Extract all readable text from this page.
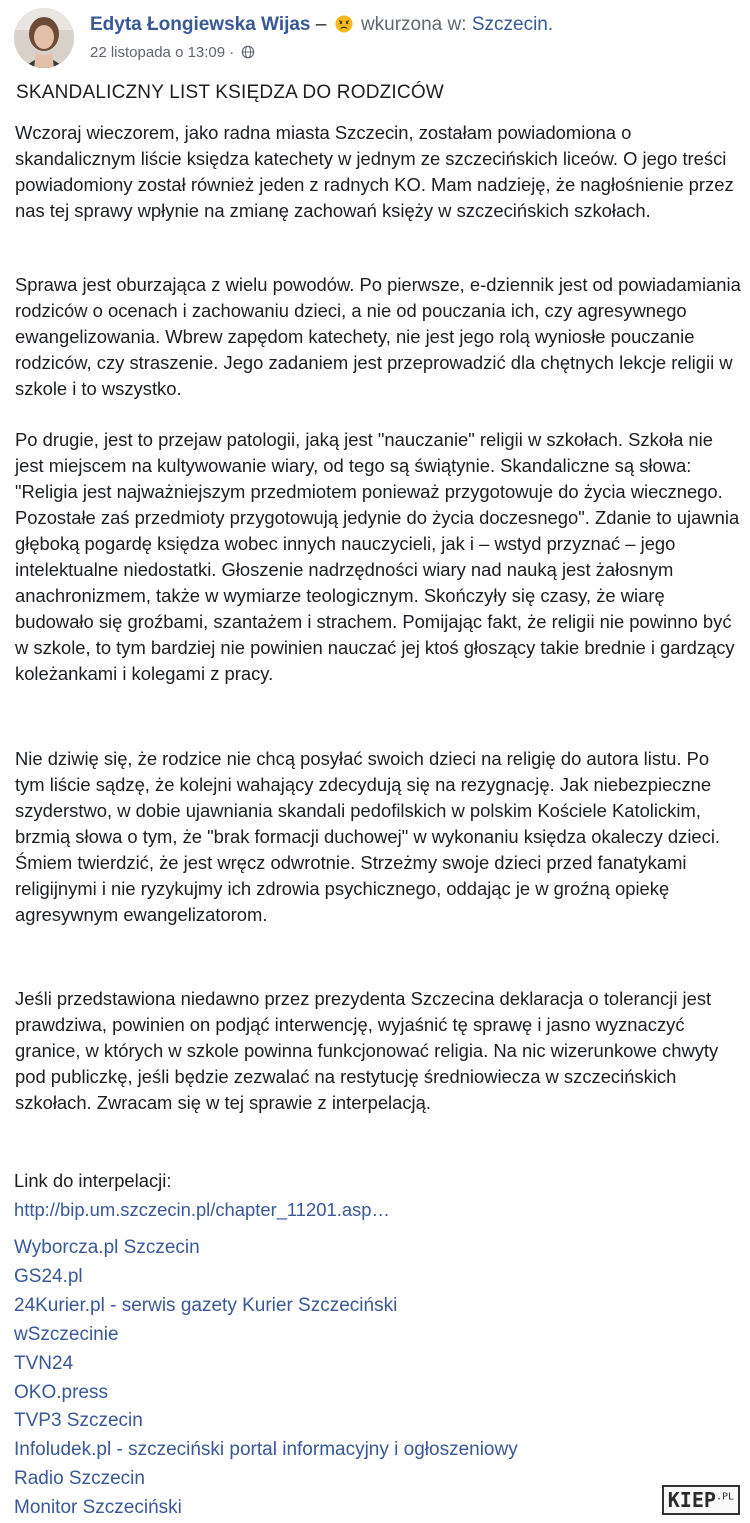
Edyta Łongiewska Wijas – wkurzona w: Szczecin.
22 listopada o 13:09 ·
SKANDALICZNY LIST KSIĘDZA DO RODZICÓW

Wczoraj wieczorem, jako radna miasta Szczecin, zostałam powiadomiona o skandalicznym liście księdza katechety w jednym ze szczecińskich liceów. O jego treści powiadomiony został również jeden z radnych KO. Mam nadzieję, że nagłośnienie przez nas tej sprawy wpłynie na zmianę zachowań księży w szczecińskich szkołach.

Sprawa jest oburzająca z wielu powodów. Po pierwsze, e-dziennik jest od powiadamiania rodziców o ocenach i zachowaniu dzieci, a nie od pouczania ich, czy agresywnego ewangelizowania. Wbrew zapędom katechety, nie jest jego rolą wyniosłe pouczanie rodziców, czy straszenie. Jego zadaniem jest przeprowadzić dla chętnych lekcje religii w szkole i to wszystko.

Po drugie, jest to przejaw patologii, jaką jest "nauczanie" religii w szkołach. Szkoła nie jest miejscem na kultywowanie wiary, od tego są świątynie. Skandaliczne są słowa: "Religia jest najważniejszym przedmiotem ponieważ przygotowuje do życia wiecznego. Pozostałe zaś przedmioty przygotowują jedynie do życia doczesnego". Zdanie to ujawnia głęboką pogardę księdza wobec innych nauczycieli, jak i – wstyd przyznać – jego intelektualne niedostatki. Głoszenie nadrzędności wiary nad nauką jest żałosnym anachronizmem, także w wymiarze teologicznym. Skończyły się czasy, że wiarę budowało się groźbami, szantażem i strachem. Pomijając fakt, że religii nie powinno być w szkole, to tym bardziej nie powinien nauczać jej ktoś głoszący takie brednie i gardzący koleżankami i kolegami z pracy.

Nie dziwię się, że rodzice nie chcą posyłać swoich dzieci na religię do autora listu. Po tym liście sądzę, że kolejni wahający zdecydują się na rezygnację. Jak niebezpieczne szyderstwo, w dobie ujawniania skandali pedofilskich w polskim Kościele Katolickim, brzmią słowa o tym, że "brak formacji duchowej" w wykonaniu księdza okaleczy dzieci. Śmiem twierdzić, że jest wręcz odwrotnie. Strzeżmy swoje dzieci przed fanatykami religijnymi i nie ryzykujmy ich zdrowia psychicznego, oddając je w groźną opiekę agresywnym ewangelizatorom.

Jeśli przedstawiona niedawno przez prezydenta Szczecina deklaracja o tolerancji jest prawdziwa, powinien on podjąć interwencję, wyjaśnić tę sprawę i jasno wyznaczyć granice, w których w szkole powinna funkcjonować religia. Na nic wizerunkowe chwyty pod publiczkę, jeśli będzie zezwalać na restytucję średniowiecza w szczecińskich szkołach. Zwracam się w tej sprawie z interpelacją.

Link do interpelacji:
http://bip.um.szczecin.pl/chapter_11201.asp…
Wyborcza.pl Szczecin
GS24.pl
24Kurier.pl - serwis gazety Kurier Szczeciński
wSzczecinie
TVN24
OKO.press
TVP3 Szczecin
Infoludek.pl - szczeciński portal informacyjny i ogłoszeniowy
Radio Szczecin
Monitor Szczeciński	$KIEP^{.PL}$
